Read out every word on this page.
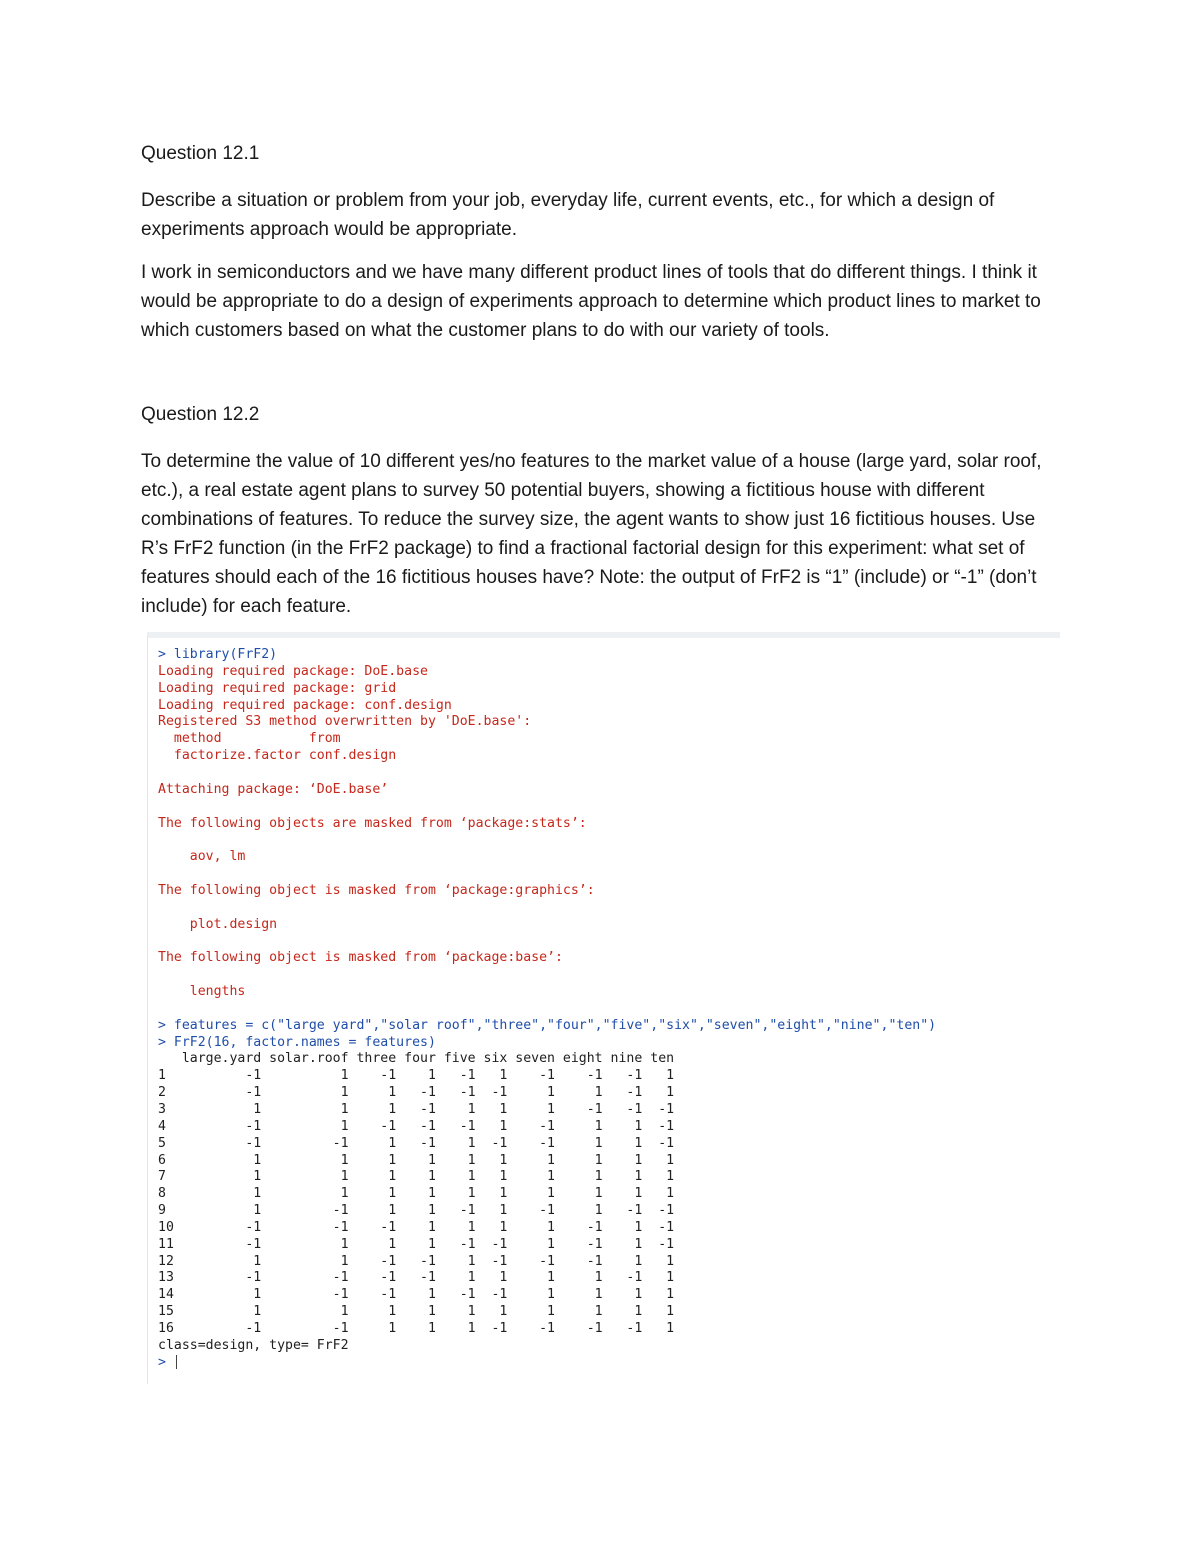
Question 12.1

Describe a situation or problem from your job, everyday life, current events, etc., for which a design of experiments approach would be appropriate.

I work in semiconductors and we have many different product lines of tools that do different things. I think it would be appropriate to do a design of experiments approach to determine which product lines to market to which customers based on what the customer plans to do with our variety of tools.

Question 12.2

To determine the value of 10 different yes/no features to the market value of a house (large yard, solar roof, etc.), a real estate agent plans to survey 50 potential buyers, showing a fictitious house with different combinations of features. To reduce the survey size, the agent wants to show just 16 fictitious houses. Use R’s FrF2 function (in the FrF2 package) to find a fractional factorial design for this experiment: what set of features should each of the 16 fictitious houses have? Note: the output of FrF2 is “1” (include) or “-1” (don’t include) for each feature.

> library(FrF2)
Loading required package: DoE.base
Loading required package: grid
Loading required package: conf.design
Registered S3 method overwritten by 'DoE.base':
method           from
factorize.factor conf.design
Attaching package: ‘DoE.base’
The following objects are masked from ‘package:stats’:
aov, lm
The following object is masked from ‘package:graphics’:
plot.design
The following object is masked from ‘package:base’:
lengths
> features = c("large yard","solar roof","three","four","five","six","seven","eight","nine","ten")
> FrF2(16, factor.names = features)
large.yard solar.roof three four five six seven eight nine ten
1          -1          1    -1    1   -1   1    -1    -1   -1   1
2          -1          1     1   -1   -1  -1     1     1   -1   1
3           1          1     1   -1    1   1     1    -1   -1  -1
4          -1          1    -1   -1   -1   1    -1     1    1  -1
5          -1         -1     1   -1    1  -1    -1     1    1  -1
6           1          1     1    1    1   1     1     1    1   1
7           1          1     1    1    1   1     1     1    1   1
8           1          1     1    1    1   1     1     1    1   1
9           1         -1     1    1   -1   1    -1     1   -1  -1
10         -1         -1    -1    1    1   1     1    -1    1  -1
11         -1          1     1    1   -1  -1     1    -1    1  -1
12          1          1    -1   -1    1  -1    -1    -1    1   1
13         -1         -1    -1   -1    1   1     1     1   -1   1
14          1         -1    -1    1   -1  -1     1     1    1   1
15          1          1     1    1    1   1     1     1    1   1
16         -1         -1     1    1    1  -1    -1    -1   -1   1
class=design, type= FrF2
>
